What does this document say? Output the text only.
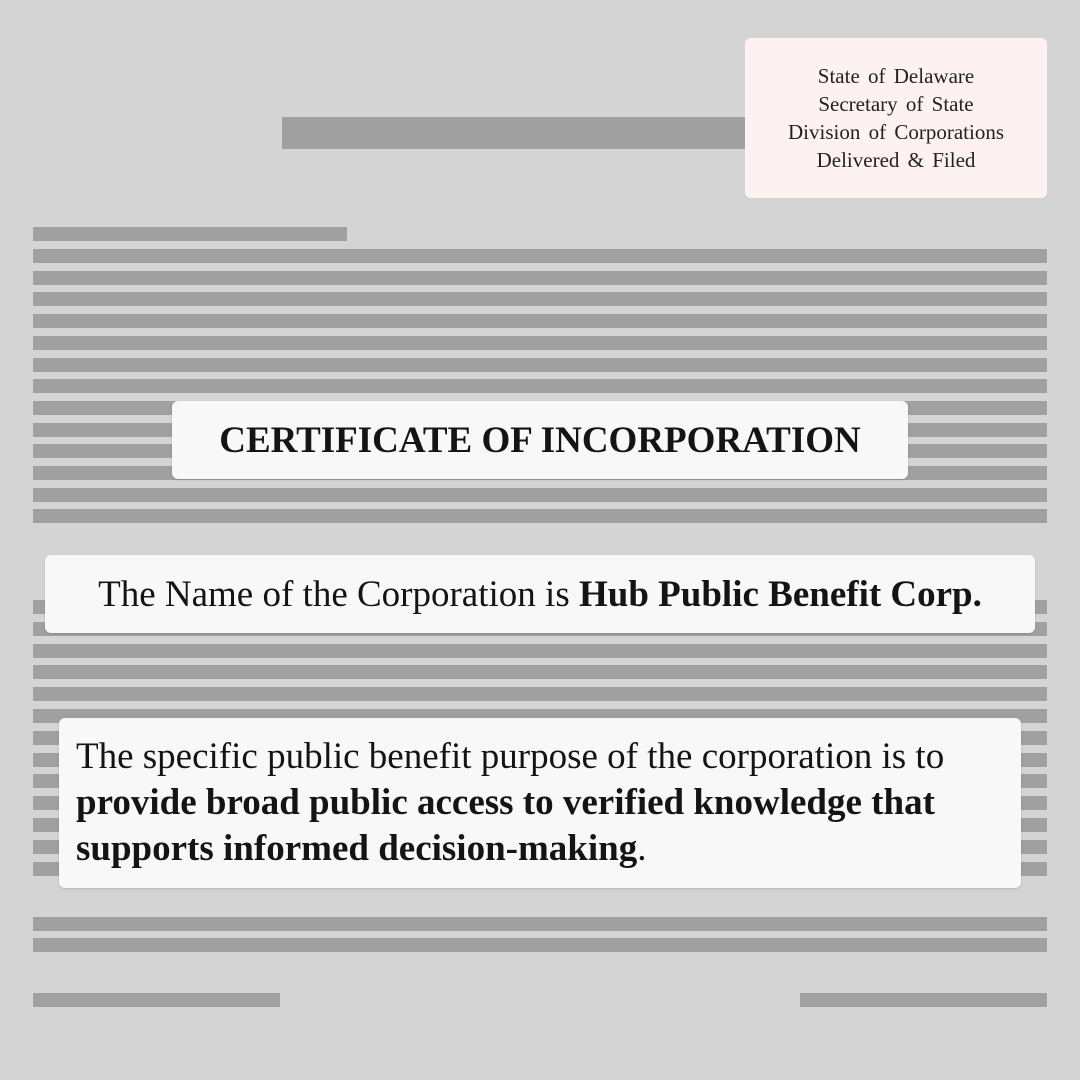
State of Delaware
Secretary of State
Division of Corporations
Delivered & Filed
CERTIFICATE OF INCORPORATION
The Name of the Corporation is Hub Public Benefit Corp.
The specific public benefit purpose of the corporation is to provide broad public access to verified knowledge that supports informed decision-making.
